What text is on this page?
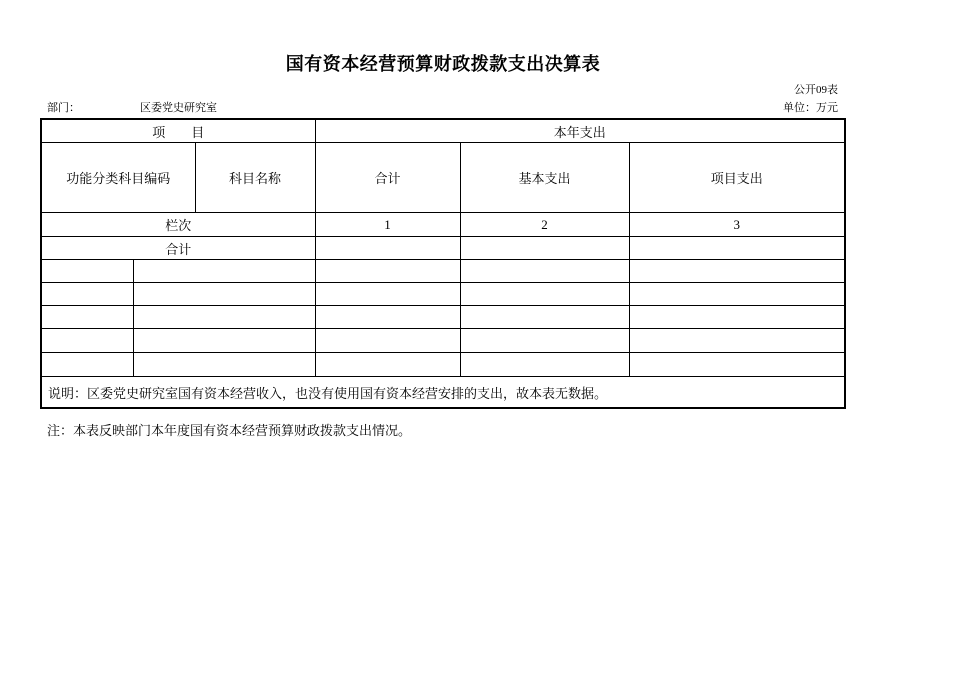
国有资本经营预算财政拨款支出决算表
公开09表
部门：	区委党史研究室	单位：万元
项　　目			本年支出		
功能分类科目编码		科目名称	合计	基本支出	项目支出
栏次			1	2	3
合计					

说明：区委党史研究室国有资本经营收入，也没有使用国有资本经营安排的支出，故本表无数据。					
注：本表反映部门本年度国有资本经营预算财政拨款支出情况。
